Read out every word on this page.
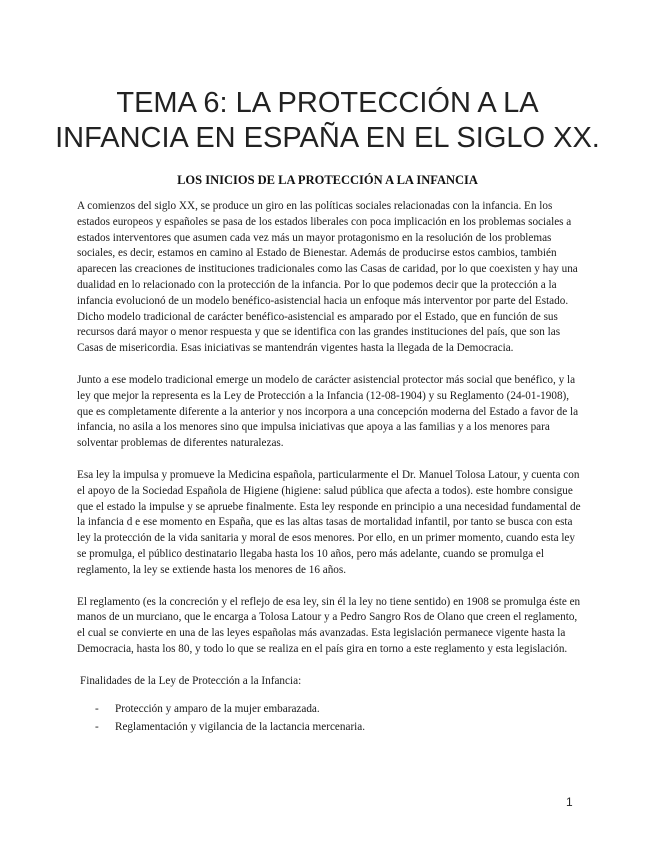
TEMA 6: LA PROTECCIÓN A LA
INFANCIA EN ESPAÑA EN EL SIGLO XX.
LOS INICIOS DE LA PROTECCIÓN A LA INFANCIA

A comienzos del siglo XX, se produce un giro en las políticas sociales relacionadas con la infancia. En los estados europeos y españoles se pasa de los estados liberales con poca implicación en los problemas sociales a estados interventores que asumen cada vez más un mayor protagonismo en la resolución de los problemas sociales, es decir, estamos en camino al Estado de Bienestar. Además de producirse estos cambios, también aparecen las creaciones de instituciones tradicionales como las Casas de caridad, por lo que coexisten y hay una dualidad en lo relacionado con la protección de la infancia. Por lo que podemos decir que la protección a la infancia evolucionó de un modelo benéfico-asistencial hacia un enfoque más interventor por parte del Estado. Dicho modelo tradicional de carácter benéfico-asistencial es amparado por el Estado, que en función de sus recursos dará mayor o menor respuesta y que se identifica con las grandes instituciones del país, que son las Casas de misericordia. Esas iniciativas se mantendrán vigentes hasta la llegada de la Democracia.

Junto a ese modelo tradicional emerge un modelo de carácter asistencial protector más social que benéfico, y la ley que mejor la representa es la Ley de Protección a la Infancia (12-08-1904) y su Reglamento (24-01-1908), que es completamente diferente a la anterior y nos incorpora a una concepción moderna del Estado a favor de la infancia, no asila a los menores sino que impulsa iniciativas que apoya a las familias y a los menores para solventar problemas de diferentes naturalezas.

Esa ley la impulsa y promueve la Medicina española, particularmente el Dr. Manuel Tolosa Latour, y cuenta con el apoyo de la Sociedad Española de Higiene (higiene: salud pública que afecta a todos). este hombre consigue que el estado la impulse y se apruebe finalmente. Esta ley responde en principio a una necesidad fundamental de la infancia d e ese momento en España, que es las altas tasas de mortalidad infantil, por tanto se busca con esta ley la protección de la vida sanitaria y moral de esos menores. Por ello, en un primer momento, cuando esta ley se promulga, el público destinatario llegaba hasta los 10 años, pero más adelante, cuando se promulga el reglamento, la ley se extiende hasta los menores de 16 años.

El reglamento (es la concreción y el reflejo de esa ley, sin él la ley no tiene sentido) en 1908 se promulga éste en manos de un murciano, que le encarga a Tolosa Latour y a Pedro Sangro Ros de Olano que creen el reglamento, el cual se convierte en una de las leyes españolas más avanzadas. Esta legislación permanece vigente hasta la Democracia, hasta los 80, y todo lo que se realiza en el país gira en torno a este reglamento y esta legislación.

Finalidades de la Ley de Protección a la Infancia:

- Protección y amparo de la mujer embarazada.
- Reglamentación y vigilancia de la lactancia mercenaria.
1
